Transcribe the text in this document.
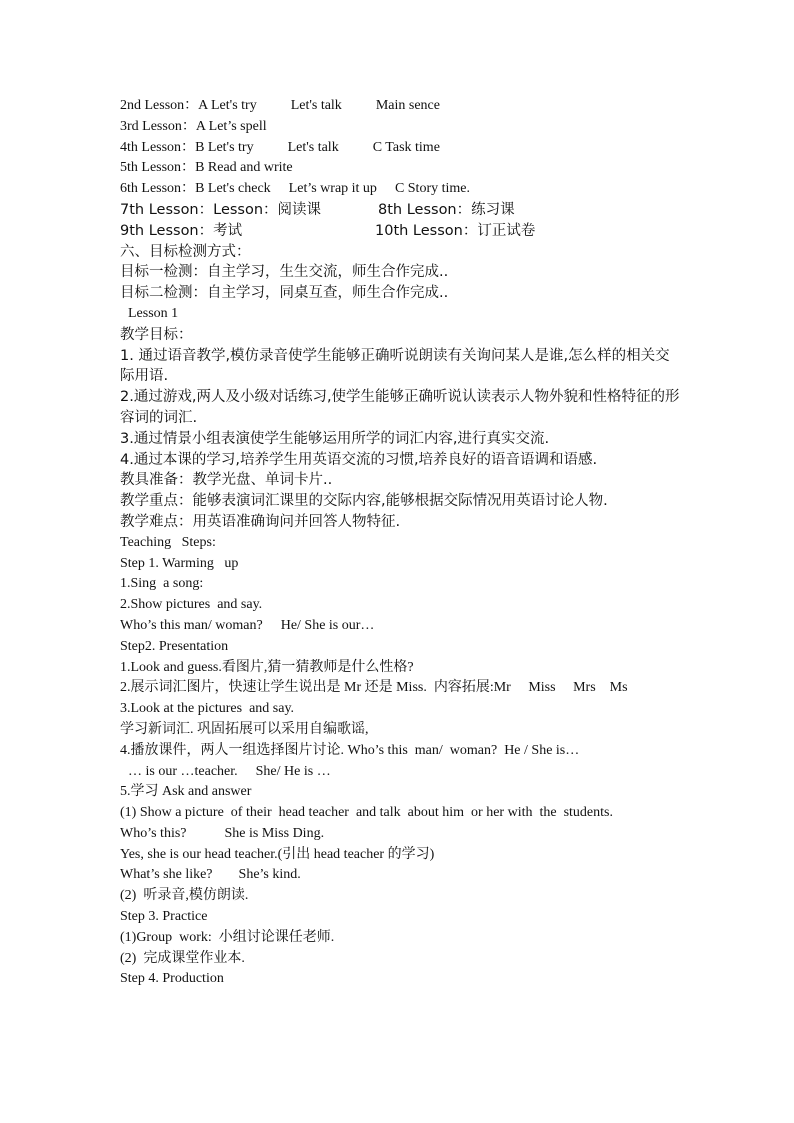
2nd Lesson：A Let's try Let's talk Main sence
3rd Lesson：A Let’s spell
4th Lesson：B Let's try Let's talk C Task time
5th Lesson：B Read and write
6th Lesson：B Let's check Let’s wrap it up C Story time.
7th Lesson：Lesson：阅读课	8th Lesson：练习课
9th Lesson：考试	10th Lesson：订正试卷
六、目标检测方式：
目标一检测：自主学习，生生交流，师生合作完成..
目标二检测：自主学习，同桌互查，师生合作完成..
Lesson 1
教学目标：
1. 通过语音教学,模仿录音使学生能够正确听说朗读有关询问某人是谁,怎么样的相关交际用语.
2.通过游戏,两人及小级对话练习,使学生能够正确听说认读表示人物外貌和性格特征的形容词的词汇.
3.通过情景小组表演使学生能够运用所学的词汇内容,进行真实交流.
4.通过本课的学习,培养学生用英语交流的习惯,培养良好的语音语调和语感.
教具准备：教学光盘、单词卡片..
教学重点：能够表演词汇课里的交际内容,能够根据交际情况用英语讨论人物.
教学难点：用英语准确询问并回答人物特征.
Teaching   Steps:
Step 1. Warming   up
1.Sing  a song:
2.Show pictures  and say.
Who’s this man/ woman? He/ She is our…
Step2. Presentation
1.Look and guess.看图片,猜一猜教师是什么性格?
2.展示词汇图片，快速让学生说出是 Mr 还是 Miss.  内容拓展:Mr     Miss     Mrs    Ms
3.Look at the pictures  and say.
学习新词汇. 巩固拓展可以采用自编歌谣,
4.播放课件，两人一组选择图片讨论. Who’s this  man/  woman?  He / She is…
… is our …teacher. She/ He is …
5.学习 Ask and answer
(1) Show a picture  of their  head teacher  and talk  about him  or her with  the  students.
Who’s this?	She is Miss Ding.
Yes, she is our head teacher.(引出 head teacher 的学习)
What’s she like? She’s kind.
(2)  听录音,模仿朗读.
Step 3. Practice
(1)Group  work:  小组讨论课任老师.
(2)  完成课堂作业本.
Step 4. Production
